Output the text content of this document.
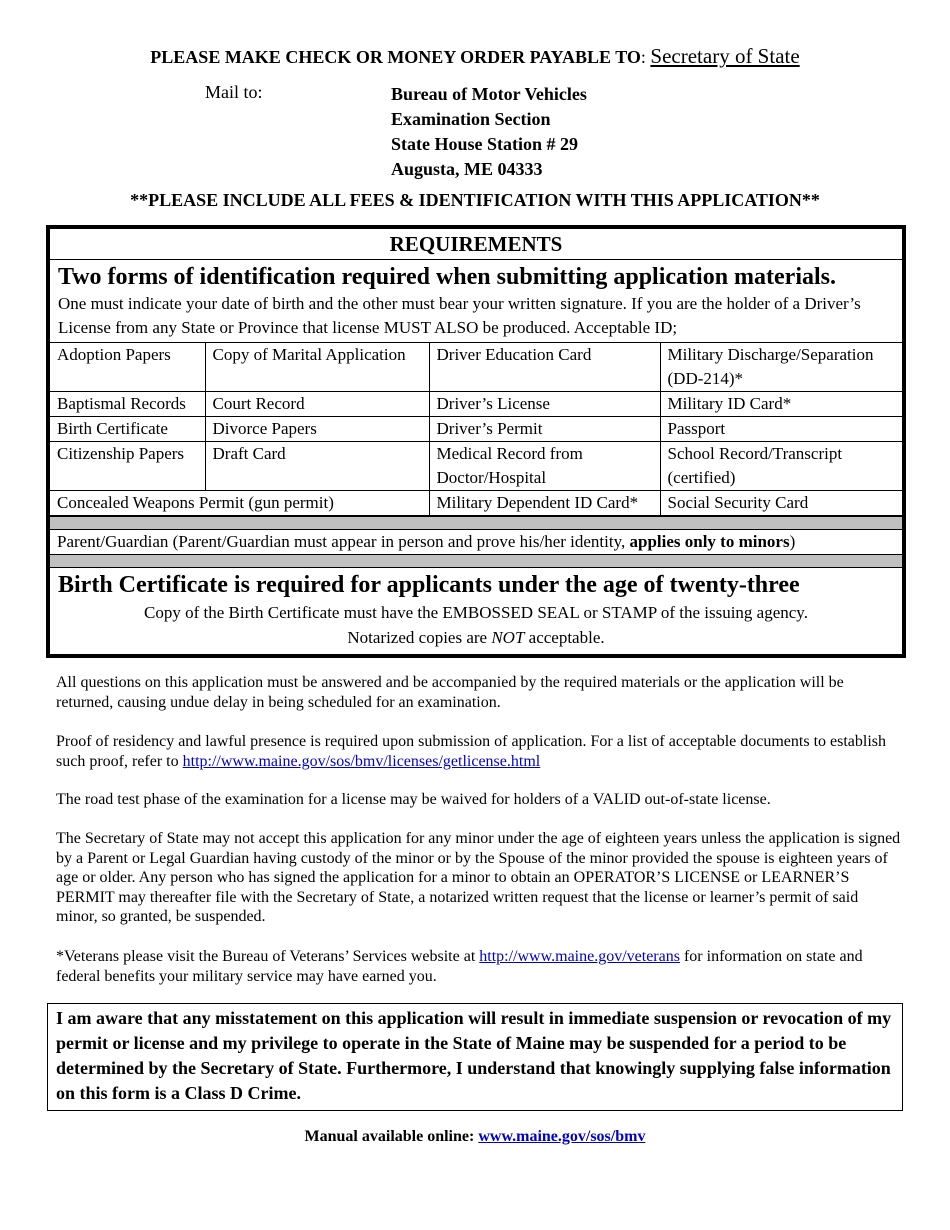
PLEASE MAKE CHECK OR MONEY ORDER PAYABLE TO: Secretary of State
Mail to:	Bureau of Motor Vehicles
Examination Section
State House Station # 29
Augusta, ME 04333
**PLEASE INCLUDE ALL FEES & IDENTIFICATION WITH THIS APPLICATION**
REQUIREMENTS
Two forms of identification required when submitting application materials.
One must indicate your date of birth and the other must bear your written signature. If you are the holder of a Driver’s License from any State or Province that license MUST ALSO be produced. Acceptable ID;
Adoption Papers	Copy of Marital Application	Driver Education Card	Military Discharge/Separation (DD-214)*
Baptismal Records	Court Record	Driver’s License	Military ID Card*
Birth Certificate	Divorce Papers	Driver’s Permit	Passport
Citizenship Papers	Draft Card	Medical Record from Doctor/Hospital	School Record/Transcript (certified)
Concealed Weapons Permit (gun permit)		Military Dependent ID Card*	Social Security Card
Parent/Guardian (Parent/Guardian must appear in person and prove his/her identity, applies only to minors)
Birth Certificate is required for applicants under the age of twenty-three
Copy of the Birth Certificate must have the EMBOSSED SEAL or STAMP of the issuing agency.
Notarized copies are NOT acceptable.
All questions on this application must be answered and be accompanied by the required materials or the application will be returned, causing undue delay in being scheduled for an examination.
Proof of residency and lawful presence is required upon submission of application. For a list of acceptable documents to establish such proof, refer to http://www.maine.gov/sos/bmv/licenses/getlicense.html
The road test phase of the examination for a license may be waived for holders of a VALID out-of-state license.
The Secretary of State may not accept this application for any minor under the age of eighteen years unless the application is signed by a Parent or Legal Guardian having custody of the minor or by the Spouse of the minor provided the spouse is eighteen years of age or older. Any person who has signed the application for a minor to obtain an OPERATOR’S LICENSE or LEARNER’S PERMIT may thereafter file with the Secretary of State, a notarized written request that the license or learner’s permit of said minor, so granted, be suspended.
*Veterans please visit the Bureau of Veterans’ Services website at http://www.maine.gov/veterans for information on state and federal benefits your military service may have earned you.
I am aware that any misstatement on this application will result in immediate suspension or revocation of my permit or license and my privilege to operate in the State of Maine may be suspended for a period to be determined by the Secretary of State. Furthermore, I understand that knowingly supplying false information on this form is a Class D Crime.
Manual available online: www.maine.gov/sos/bmv
